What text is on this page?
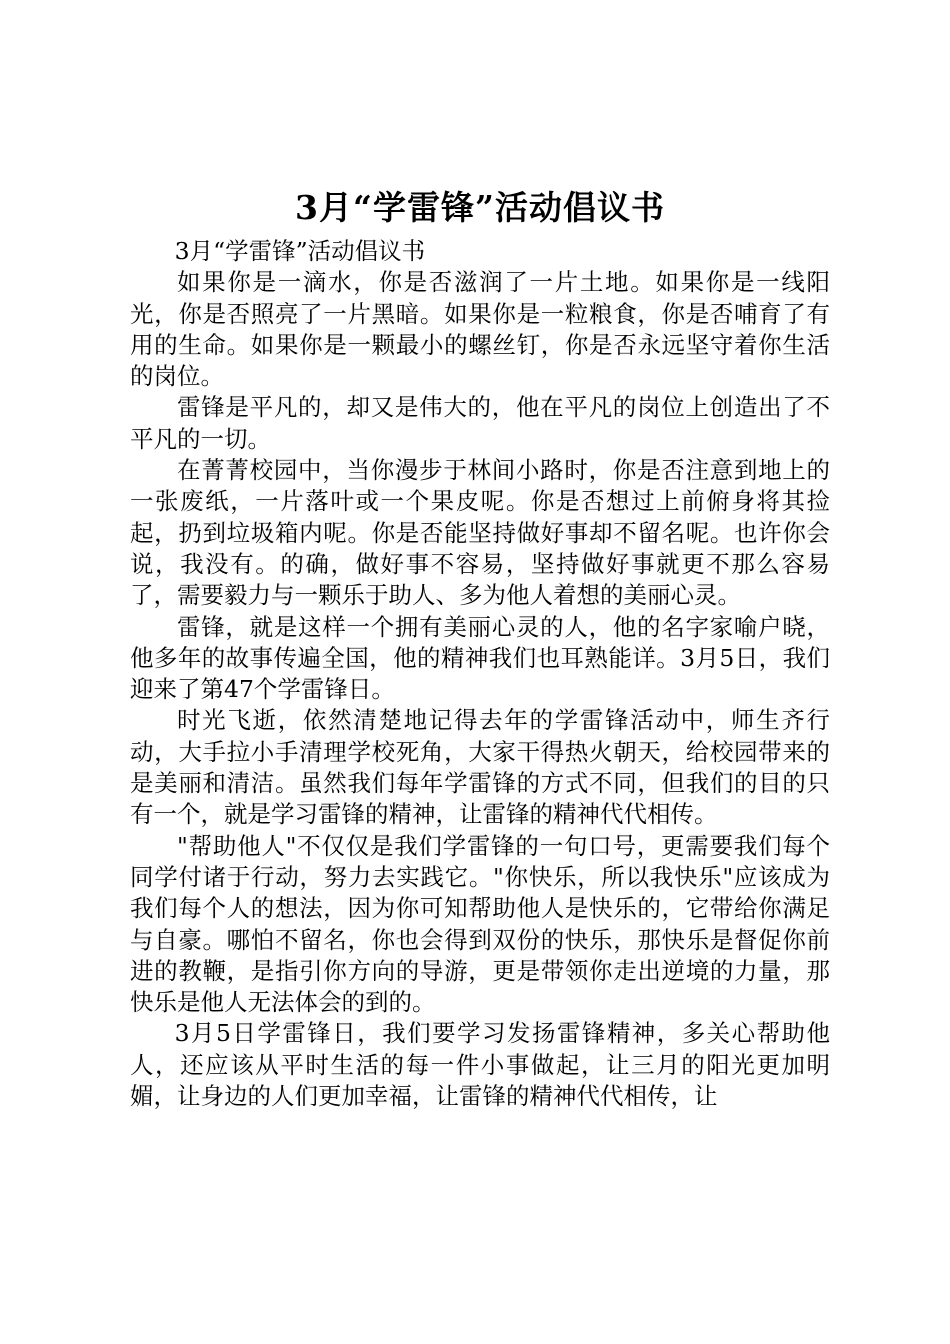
3月“学雷锋”活动倡议书

3月“学雷锋”活动倡议书

如果你是一滴水，你是否滋润了一片土地。如果你是一线阳光，你是否照亮了一片黑暗。如果你是一粒粮食，你是否哺育了有用的生命。如果你是一颗最小的螺丝钉，你是否永远坚守着你生活的岗位。

雷锋是平凡的，却又是伟大的，他在平凡的岗位上创造出了不平凡的一切。

在菁菁校园中，当你漫步于林间小路时，你是否注意到地上的一张废纸，一片落叶或一个果皮呢。你是否想过上前俯身将其捡起，扔到垃圾箱内呢。你是否能坚持做好事却不留名呢。也许你会说，我没有。的确，做好事不容易，坚持做好事就更不那么容易了，需要毅力与一颗乐于助人、多为他人着想的美丽心灵。

雷锋，就是这样一个拥有美丽心灵的人，他的名字家喻户晓，他多年的故事传遍全国，他的精神我们也耳熟能详。3月5日，我们迎来了第47个学雷锋日。

时光飞逝，依然清楚地记得去年的学雷锋活动中，师生齐行动，大手拉小手清理学校死角，大家干得热火朝天，给校园带来的是美丽和清洁。虽然我们每年学雷锋的方式不同，但我们的目的只有一个，就是学习雷锋的精神，让雷锋的精神代代相传。

"帮助他人"不仅仅是我们学雷锋的一句口号，更需要我们每个同学付诸于行动，努力去实践它。"你快乐，所以我快乐"应该成为我们每个人的想法，因为你可知帮助他人是快乐的，它带给你满足与自豪。哪怕不留名，你也会得到双份的快乐，那快乐是督促你前进的教鞭，是指引你方向的导游，更是带领你走出逆境的力量，那快乐是他人无法体会的到的。

3月5日学雷锋日，我们要学习发扬雷锋精神，多关心帮助他人，还应该从平时生活的每一件小事做起，让三月的阳光更加明媚，让身边的人们更加幸福，让雷锋的精神代代相传，让
